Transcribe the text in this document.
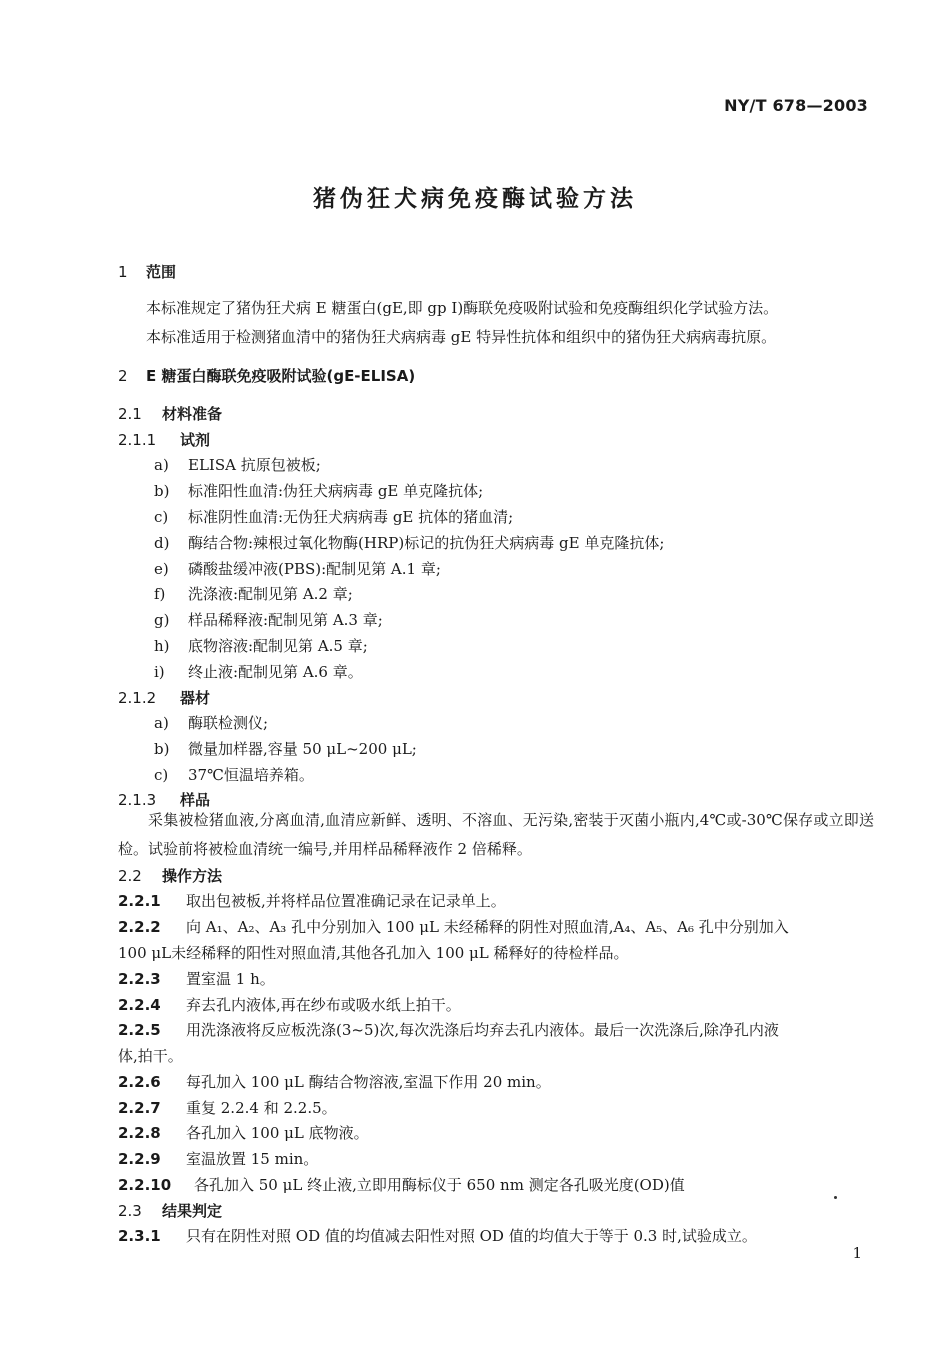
NY/T 678—2003
猪伪狂犬病免疫酶试验方法
1 范围
本标准规定了猪伪狂犬病 E 糖蛋白(gE,即 gp Ⅰ)酶联免疫吸附试验和免疫酶组织化学试验方法。
本标准适用于检测猪血清中的猪伪狂犬病病毒 gE 特异性抗体和组织中的猪伪狂犬病病毒抗原。
2 E 糖蛋白酶联免疫吸附试验(gE-ELISA)
2.1 材料准备
2.1.1 试剂
a) ELISA 抗原包被板;
b) 标准阳性血清:伪狂犬病病毒 gE 单克隆抗体;
c) 标准阴性血清:无伪狂犬病病毒 gE 抗体的猪血清;
d) 酶结合物:辣根过氧化物酶(HRP)标记的抗伪狂犬病病毒 gE 单克隆抗体;
e) 磷酸盐缓冲液(PBS):配制见第 A.1 章;
f) 洗涤液:配制见第 A.2 章;
g) 样品稀释液:配制见第 A.3 章;
h) 底物溶液:配制见第 A.5 章;
i) 终止液:配制见第 A.6 章。
2.1.2 器材
a) 酶联检测仪;
b) 微量加样器,容量 50 μL~200 μL;
c) 37℃恒温培养箱。
2.1.3 样品
采集被检猪血液,分离血清,血清应新鲜、透明、不溶血、无污染,密装于灭菌小瓶内,4℃或-30℃保存或立即送检。试验前将被检血清统一编号,并用样品稀释液作 2 倍稀释。
2.2 操作方法
2.2.1 取出包被板,并将样品位置准确记录在记录单上。
2.2.2 向 A₁、A₂、A₃ 孔中分别加入 100 μL 未经稀释的阴性对照血清,A₄、A₅、A₆ 孔中分别加入
100 μL未经稀释的阳性对照血清,其他各孔加入 100 μL 稀释好的待检样品。
2.2.3 置室温 1 h。
2.2.4 弃去孔内液体,再在纱布或吸水纸上拍干。
2.2.5 用洗涤液将反应板洗涤(3~5)次,每次洗涤后均弃去孔内液体。最后一次洗涤后,除净孔内液
体,拍干。
2.2.6 每孔加入 100 μL 酶结合物溶液,室温下作用 20 min。
2.2.7 重复 2.2.4 和 2.2.5。
2.2.8 各孔加入 100 μL 底物液。
2.2.9 室温放置 15 min。
2.2.10 各孔加入 50 μL 终止液,立即用酶标仪于 650 nm 测定各孔吸光度(OD)值
2.3 结果判定
2.3.1 只有在阴性对照 OD 值的均值减去阳性对照 OD 值的均值大于等于 0.3 时,试验成立。
1
